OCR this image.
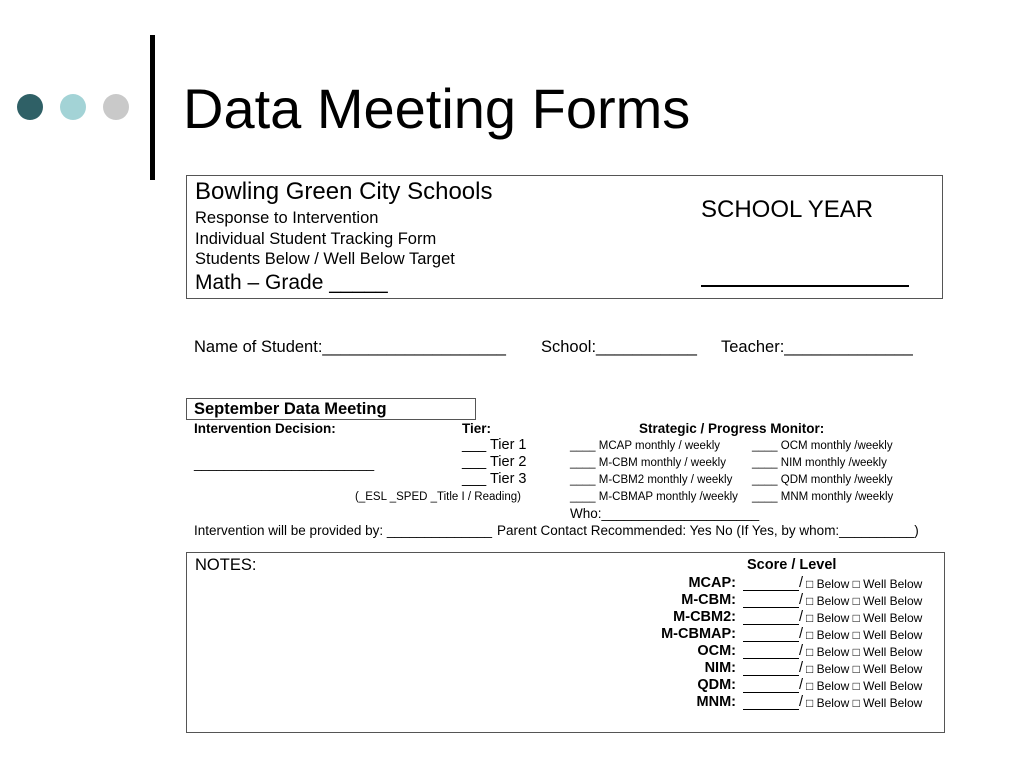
Data Meeting Forms
Bowling Green City Schools
Response to Intervention
Individual Student Tracking Form
Students Below / Well Below Target
Math – Grade _____
SCHOOL YEAR
Name of Student:____________________ School:___________ Teacher:______________
September Data Meeting
Intervention Decision:
________________________
Tier:
___ Tier 1
___ Tier 2
___ Tier 3
(_ESL _SPED _Title I / Reading)
Strategic / Progress Monitor:
____ MCAP monthly / weekly
____ M-CBM monthly / weekly
____ M-CBM2 monthly / weekly
____ M-CBMAP monthly /weekly
____ OCM monthly /weekly
____ NIM monthly /weekly
____ QDM monthly /weekly
____ MNM monthly /weekly
Who:_____________________
Intervention will be provided by: ______________ Parent Contact Recommended: Yes No (If Yes, by whom:__________)
NOTES:	Score / Level
MCAP:	/ □ Below □ Well Below
M-CBM:	/ □ Below □ Well Below
M-CBM2:	/ □ Below □ Well Below
M-CBMAP:	/ □ Below □ Well Below
OCM:	/ □ Below □ Well Below
NIM:	/ □ Below □ Well Below
QDM:	/ □ Below □ Well Below
MNM:	/ □ Below □ Well Below
